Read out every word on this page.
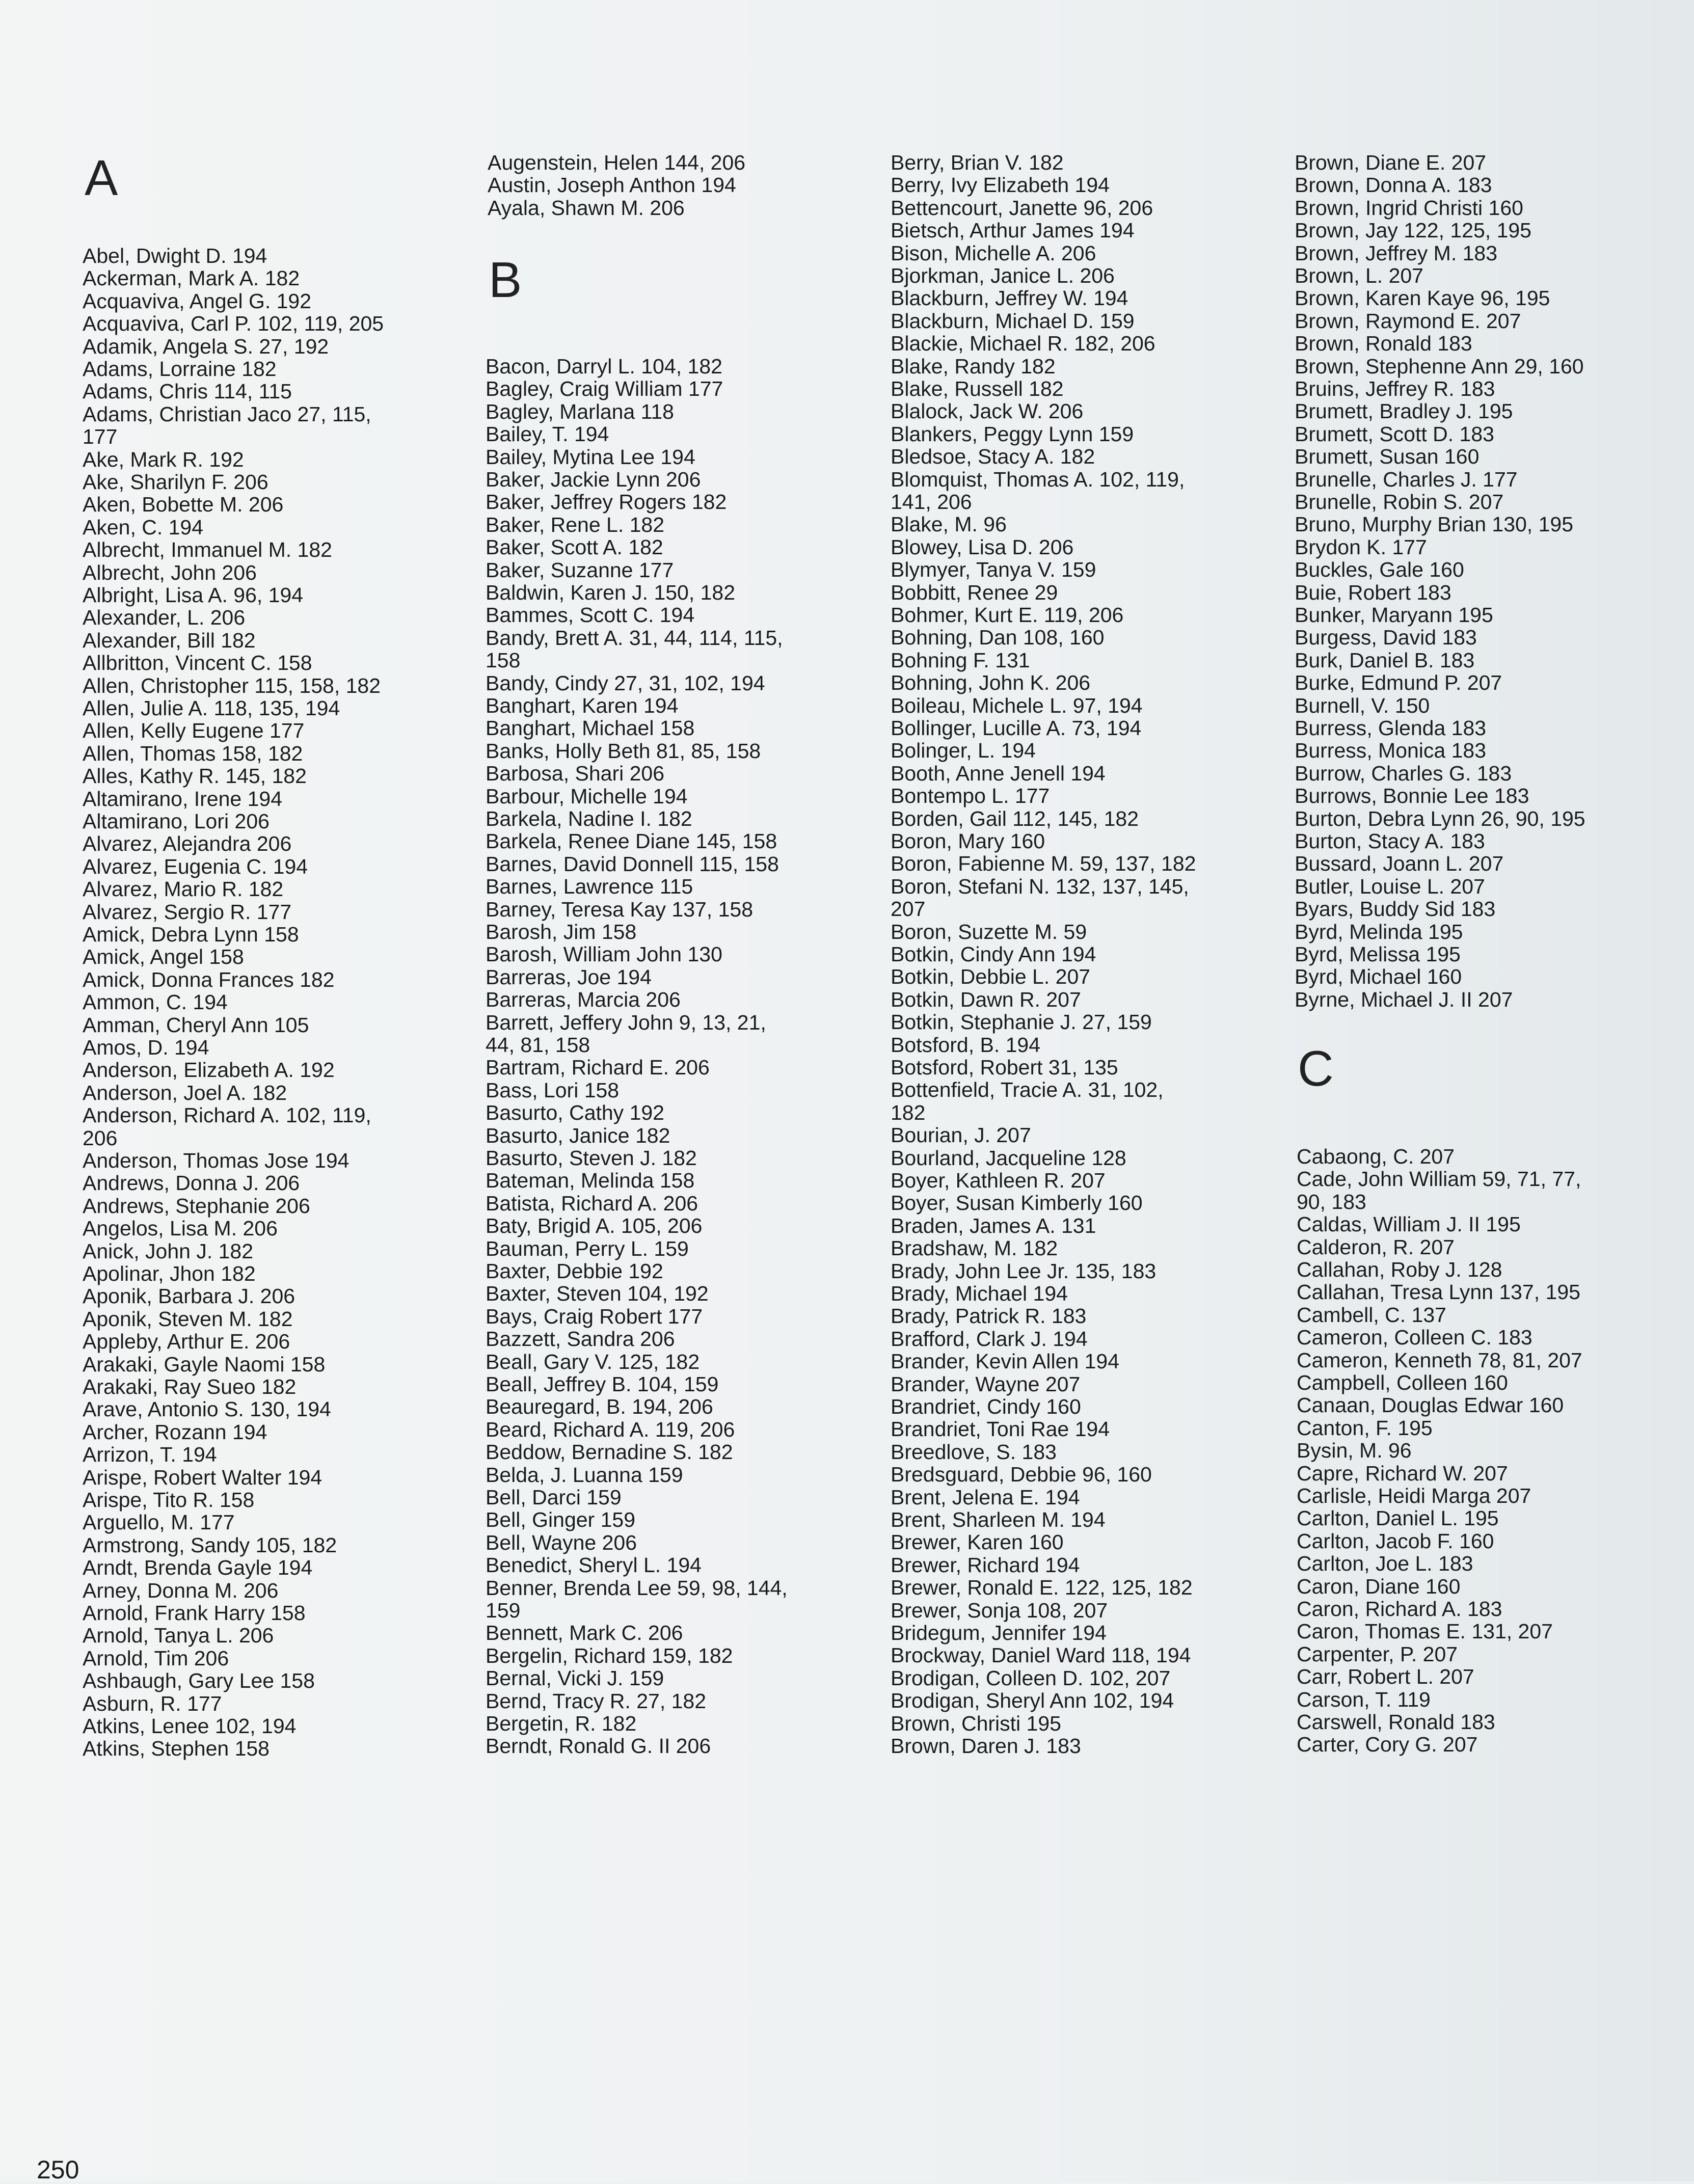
A
Abel, Dwight D. 194
Ackerman, Mark A. 182
Acquaviva, Angel G. 192
Acquaviva, Carl P. 102, 119, 205
Adamik, Angela S. 27, 192
Adams, Lorraine 182
Adams, Chris 114, 115
Adams, Christian Jaco 27, 115,
177
Ake, Mark R. 192
Ake, Sharilyn F. 206
Aken, Bobette M. 206
Aken, C. 194
Albrecht, Immanuel M. 182
Albrecht, John 206
Albright, Lisa A. 96, 194
Alexander, L. 206
Alexander, Bill 182
Allbritton, Vincent C. 158
Allen, Christopher 115, 158, 182
Allen, Julie A. 118, 135, 194
Allen, Kelly Eugene 177
Allen, Thomas 158, 182
Alles, Kathy R. 145, 182
Altamirano, Irene 194
Altamirano, Lori 206
Alvarez, Alejandra 206
Alvarez, Eugenia C. 194
Alvarez, Mario R. 182
Alvarez, Sergio R. 177
Amick, Debra Lynn 158
Amick, Angel 158
Amick, Donna Frances 182
Ammon, C. 194
Amman, Cheryl Ann 105
Amos, D. 194
Anderson, Elizabeth A. 192
Anderson, Joel A. 182
Anderson, Richard A. 102, 119,
206
Anderson, Thomas Jose 194
Andrews, Donna J. 206
Andrews, Stephanie 206
Angelos, Lisa M. 206
Anick, John J. 182
Apolinar, Jhon 182
Aponik, Barbara J. 206
Aponik, Steven M. 182
Appleby, Arthur E. 206
Arakaki, Gayle Naomi 158
Arakaki, Ray Sueo 182
Arave, Antonio S. 130, 194
Archer, Rozann 194
Arrizon, T. 194
Arispe, Robert Walter 194
Arispe, Tito R. 158
Arguello, M. 177
Armstrong, Sandy 105, 182
Arndt, Brenda Gayle 194
Arney, Donna M. 206
Arnold, Frank Harry 158
Arnold, Tanya L. 206
Arnold, Tim 206
Ashbaugh, Gary Lee 158
Asburn, R. 177
Atkins, Lenee 102, 194
Atkins, Stephen 158
Augenstein, Helen 144, 206
Austin, Joseph Anthon 194
Ayala, Shawn M. 206
B
Bacon, Darryl L. 104, 182
Bagley, Craig William 177
Bagley, Marlana 118
Bailey, T. 194
Bailey, Mytina Lee 194
Baker, Jackie Lynn 206
Baker, Jeffrey Rogers 182
Baker, Rene L. 182
Baker, Scott A. 182
Baker, Suzanne 177
Baldwin, Karen J. 150, 182
Bammes, Scott C. 194
Bandy, Brett A. 31, 44, 114, 115,
158
Bandy, Cindy 27, 31, 102, 194
Banghart, Karen 194
Banghart, Michael 158
Banks, Holly Beth 81, 85, 158
Barbosa, Shari 206
Barbour, Michelle 194
Barkela, Nadine I. 182
Barkela, Renee Diane 145, 158
Barnes, David Donnell 115, 158
Barnes, Lawrence 115
Barney, Teresa Kay 137, 158
Barosh, Jim 158
Barosh, William John 130
Barreras, Joe 194
Barreras, Marcia 206
Barrett, Jeffery John 9, 13, 21,
44, 81, 158
Bartram, Richard E. 206
Bass, Lori 158
Basurto, Cathy 192
Basurto, Janice 182
Basurto, Steven J. 182
Bateman, Melinda 158
Batista, Richard A. 206
Baty, Brigid A. 105, 206
Bauman, Perry L. 159
Baxter, Debbie 192
Baxter, Steven 104, 192
Bays, Craig Robert 177
Bazzett, Sandra 206
Beall, Gary V. 125, 182
Beall, Jeffrey B. 104, 159
Beauregard, B. 194, 206
Beard, Richard A. 119, 206
Beddow, Bernadine S. 182
Belda, J. Luanna 159
Bell, Darci 159
Bell, Ginger 159
Bell, Wayne 206
Benedict, Sheryl L. 194
Benner, Brenda Lee 59, 98, 144,
159
Bennett, Mark C. 206
Bergelin, Richard 159, 182
Bernal, Vicki J. 159
Bernd, Tracy R. 27, 182
Bergetin, R. 182
Berndt, Ronald G. II 206
Berry, Brian V. 182
Berry, Ivy Elizabeth 194
Bettencourt, Janette 96, 206
Bietsch, Arthur James 194
Bison, Michelle A. 206
Bjorkman, Janice L. 206
Blackburn, Jeffrey W. 194
Blackburn, Michael D. 159
Blackie, Michael R. 182, 206
Blake, Randy 182
Blake, Russell 182
Blalock, Jack W. 206
Blankers, Peggy Lynn 159
Bledsoe, Stacy A. 182
Blomquist, Thomas A. 102, 119,
141, 206
Blake, M. 96
Blowey, Lisa D. 206
Blymyer, Tanya V. 159
Bobbitt, Renee 29
Bohmer, Kurt E. 119, 206
Bohning, Dan 108, 160
Bohning F. 131
Bohning, John K. 206
Boileau, Michele L. 97, 194
Bollinger, Lucille A. 73, 194
Bolinger, L. 194
Booth, Anne Jenell 194
Bontempo L. 177
Borden, Gail 112, 145, 182
Boron, Mary 160
Boron, Fabienne M. 59, 137, 182
Boron, Stefani N. 132, 137, 145,
207
Boron, Suzette M. 59
Botkin, Cindy Ann 194
Botkin, Debbie L. 207
Botkin, Dawn R. 207
Botkin, Stephanie J. 27, 159
Botsford, B. 194
Botsford, Robert 31, 135
Bottenfield, Tracie A. 31, 102,
182
Bourian, J. 207
Bourland, Jacqueline 128
Boyer, Kathleen R. 207
Boyer, Susan Kimberly 160
Braden, James A. 131
Bradshaw, M. 182
Brady, John Lee Jr. 135, 183
Brady, Michael 194
Brady, Patrick R. 183
Brafford, Clark J. 194
Brander, Kevin Allen 194
Brander, Wayne 207
Brandriet, Cindy 160
Brandriet, Toni Rae 194
Breedlove, S. 183
Bredsguard, Debbie 96, 160
Brent, Jelena E. 194
Brent, Sharleen M. 194
Brewer, Karen 160
Brewer, Richard 194
Brewer, Ronald E. 122, 125, 182
Brewer, Sonja 108, 207
Bridegum, Jennifer 194
Brockway, Daniel Ward 118, 194
Brodigan, Colleen D. 102, 207
Brodigan, Sheryl Ann 102, 194
Brown, Christi 195
Brown, Daren J. 183
Brown, Diane E. 207
Brown, Donna A. 183
Brown, Ingrid Christi 160
Brown, Jay 122, 125, 195
Brown, Jeffrey M. 183
Brown, L. 207
Brown, Karen Kaye 96, 195
Brown, Raymond E. 207
Brown, Ronald 183
Brown, Stephenne Ann 29, 160
Bruins, Jeffrey R. 183
Brumett, Bradley J. 195
Brumett, Scott D. 183
Brumett, Susan 160
Brunelle, Charles J. 177
Brunelle, Robin S. 207
Bruno, Murphy Brian 130, 195
Brydon K. 177
Buckles, Gale 160
Buie, Robert 183
Bunker, Maryann 195
Burgess, David 183
Burk, Daniel B. 183
Burke, Edmund P. 207
Burnell, V. 150
Burress, Glenda 183
Burress, Monica 183
Burrow, Charles G. 183
Burrows, Bonnie Lee 183
Burton, Debra Lynn 26, 90, 195
Burton, Stacy A. 183
Bussard, Joann L. 207
Butler, Louise L. 207
Byars, Buddy Sid 183
Byrd, Melinda 195
Byrd, Melissa 195
Byrd, Michael 160
Byrne, Michael J. II 207
C
Cabaong, C. 207
Cade, John William 59, 71, 77,
90, 183
Caldas, William J. II 195
Calderon, R. 207
Callahan, Roby J. 128
Callahan, Tresa Lynn 137, 195
Cambell, C. 137
Cameron, Colleen C. 183
Cameron, Kenneth 78, 81, 207
Campbell, Colleen 160
Canaan, Douglas Edwar 160
Canton, F. 195
Bysin, M. 96
Capre, Richard W. 207
Carlisle, Heidi Marga 207
Carlton, Daniel L. 195
Carlton, Jacob F. 160
Carlton, Joe L. 183
Caron, Diane 160
Caron, Richard A. 183
Caron, Thomas E. 131, 207
Carpenter, P. 207
Carr, Robert L. 207
Carson, T. 119
Carswell, Ronald 183
Carter, Cory G. 207
250
